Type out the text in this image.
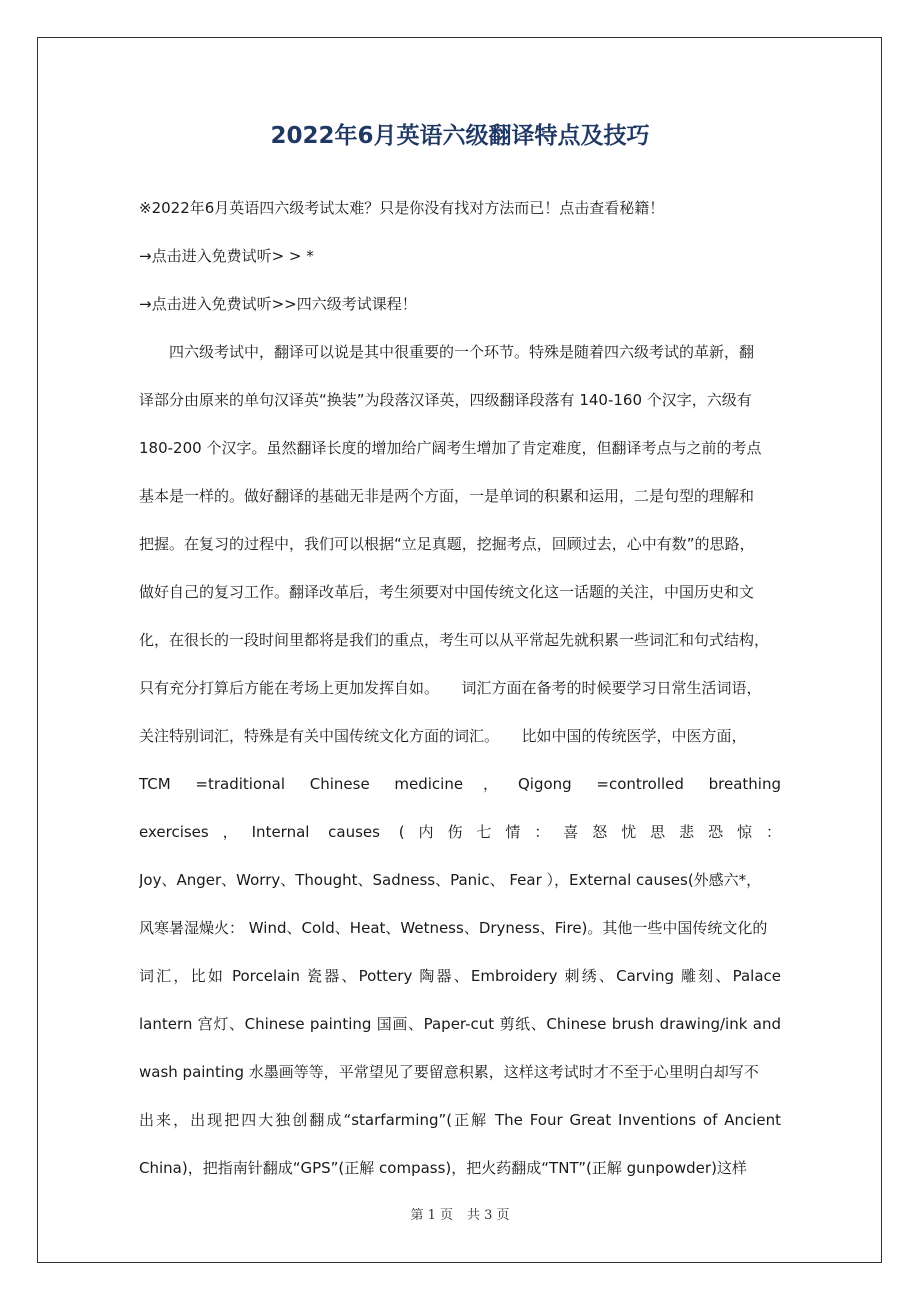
2022年6月英语六级翻译特点及技巧
※2022年6月英语四六级考试太难？只是你没有找对方法而已！点击查看秘籍！
→点击进入免费试听> > *
→点击进入免费试听>>四六级考试课程！
　　四六级考试中，翻译可以说是其中很重要的一个环节。特殊是随着四六级考试的革新，翻
译部分由原来的单句汉译英“换装”为段落汉译英，四级翻译段落有 140-160 个汉字，六级有
180-200 个汉字。虽然翻译长度的增加给广阔考生增加了肯定难度，但翻译考点与之前的考点
基本是一样的。做好翻译的基础无非是两个方面，一是单词的积累和运用，二是句型的理解和
把握。在复习的过程中，我们可以根据“立足真题，挖掘考点，回顾过去，心中有数”的思路，
做好自己的复习工作。翻译改革后，考生须要对中国传统文化这一话题的关注，中国历史和文
化，在很长的一段时间里都将是我们的重点，考生可以从平常起先就积累一些词汇和句式结构，
只有充分打算后方能在考场上更加发挥自如。　　词汇方面在备考的时候要学习日常生活词语，
关注特别词汇，特殊是有关中国传统文化方面的词汇。　　比如中国的传统医学，中医方面，
TCM =traditional Chinese medicine，Qigong =controlled breathing
exercises，Internal causes (内伤七情：喜怒忧思悲恐惊：
Joy、Anger、Worry、Thought、Sadness、Panic、 Fear ），External causes(外感六*，
风寒暑湿燥火： Wind、Cold、Heat、Wetness、Dryness、Fire)。其他一些中国传统文化的
词汇，比如 Porcelain 瓷器、Pottery 陶器、Embroidery 刺绣、Carving 雕刻、Palace
lantern 宫灯、Chinese painting 国画、Paper-cut 剪纸、Chinese brush drawing/ink and
wash painting 水墨画等等，平常望见了要留意积累，这样这考试时才不至于心里明白却写不
出来，出现把四大独创翻成“starfarming”(正解 The Four Great Inventions of Ancient
China)，把指南针翻成“GPS”(正解 compass)，把火药翻成“TNT”(正解 gunpowder)这样
第 1 页 共 3 页
